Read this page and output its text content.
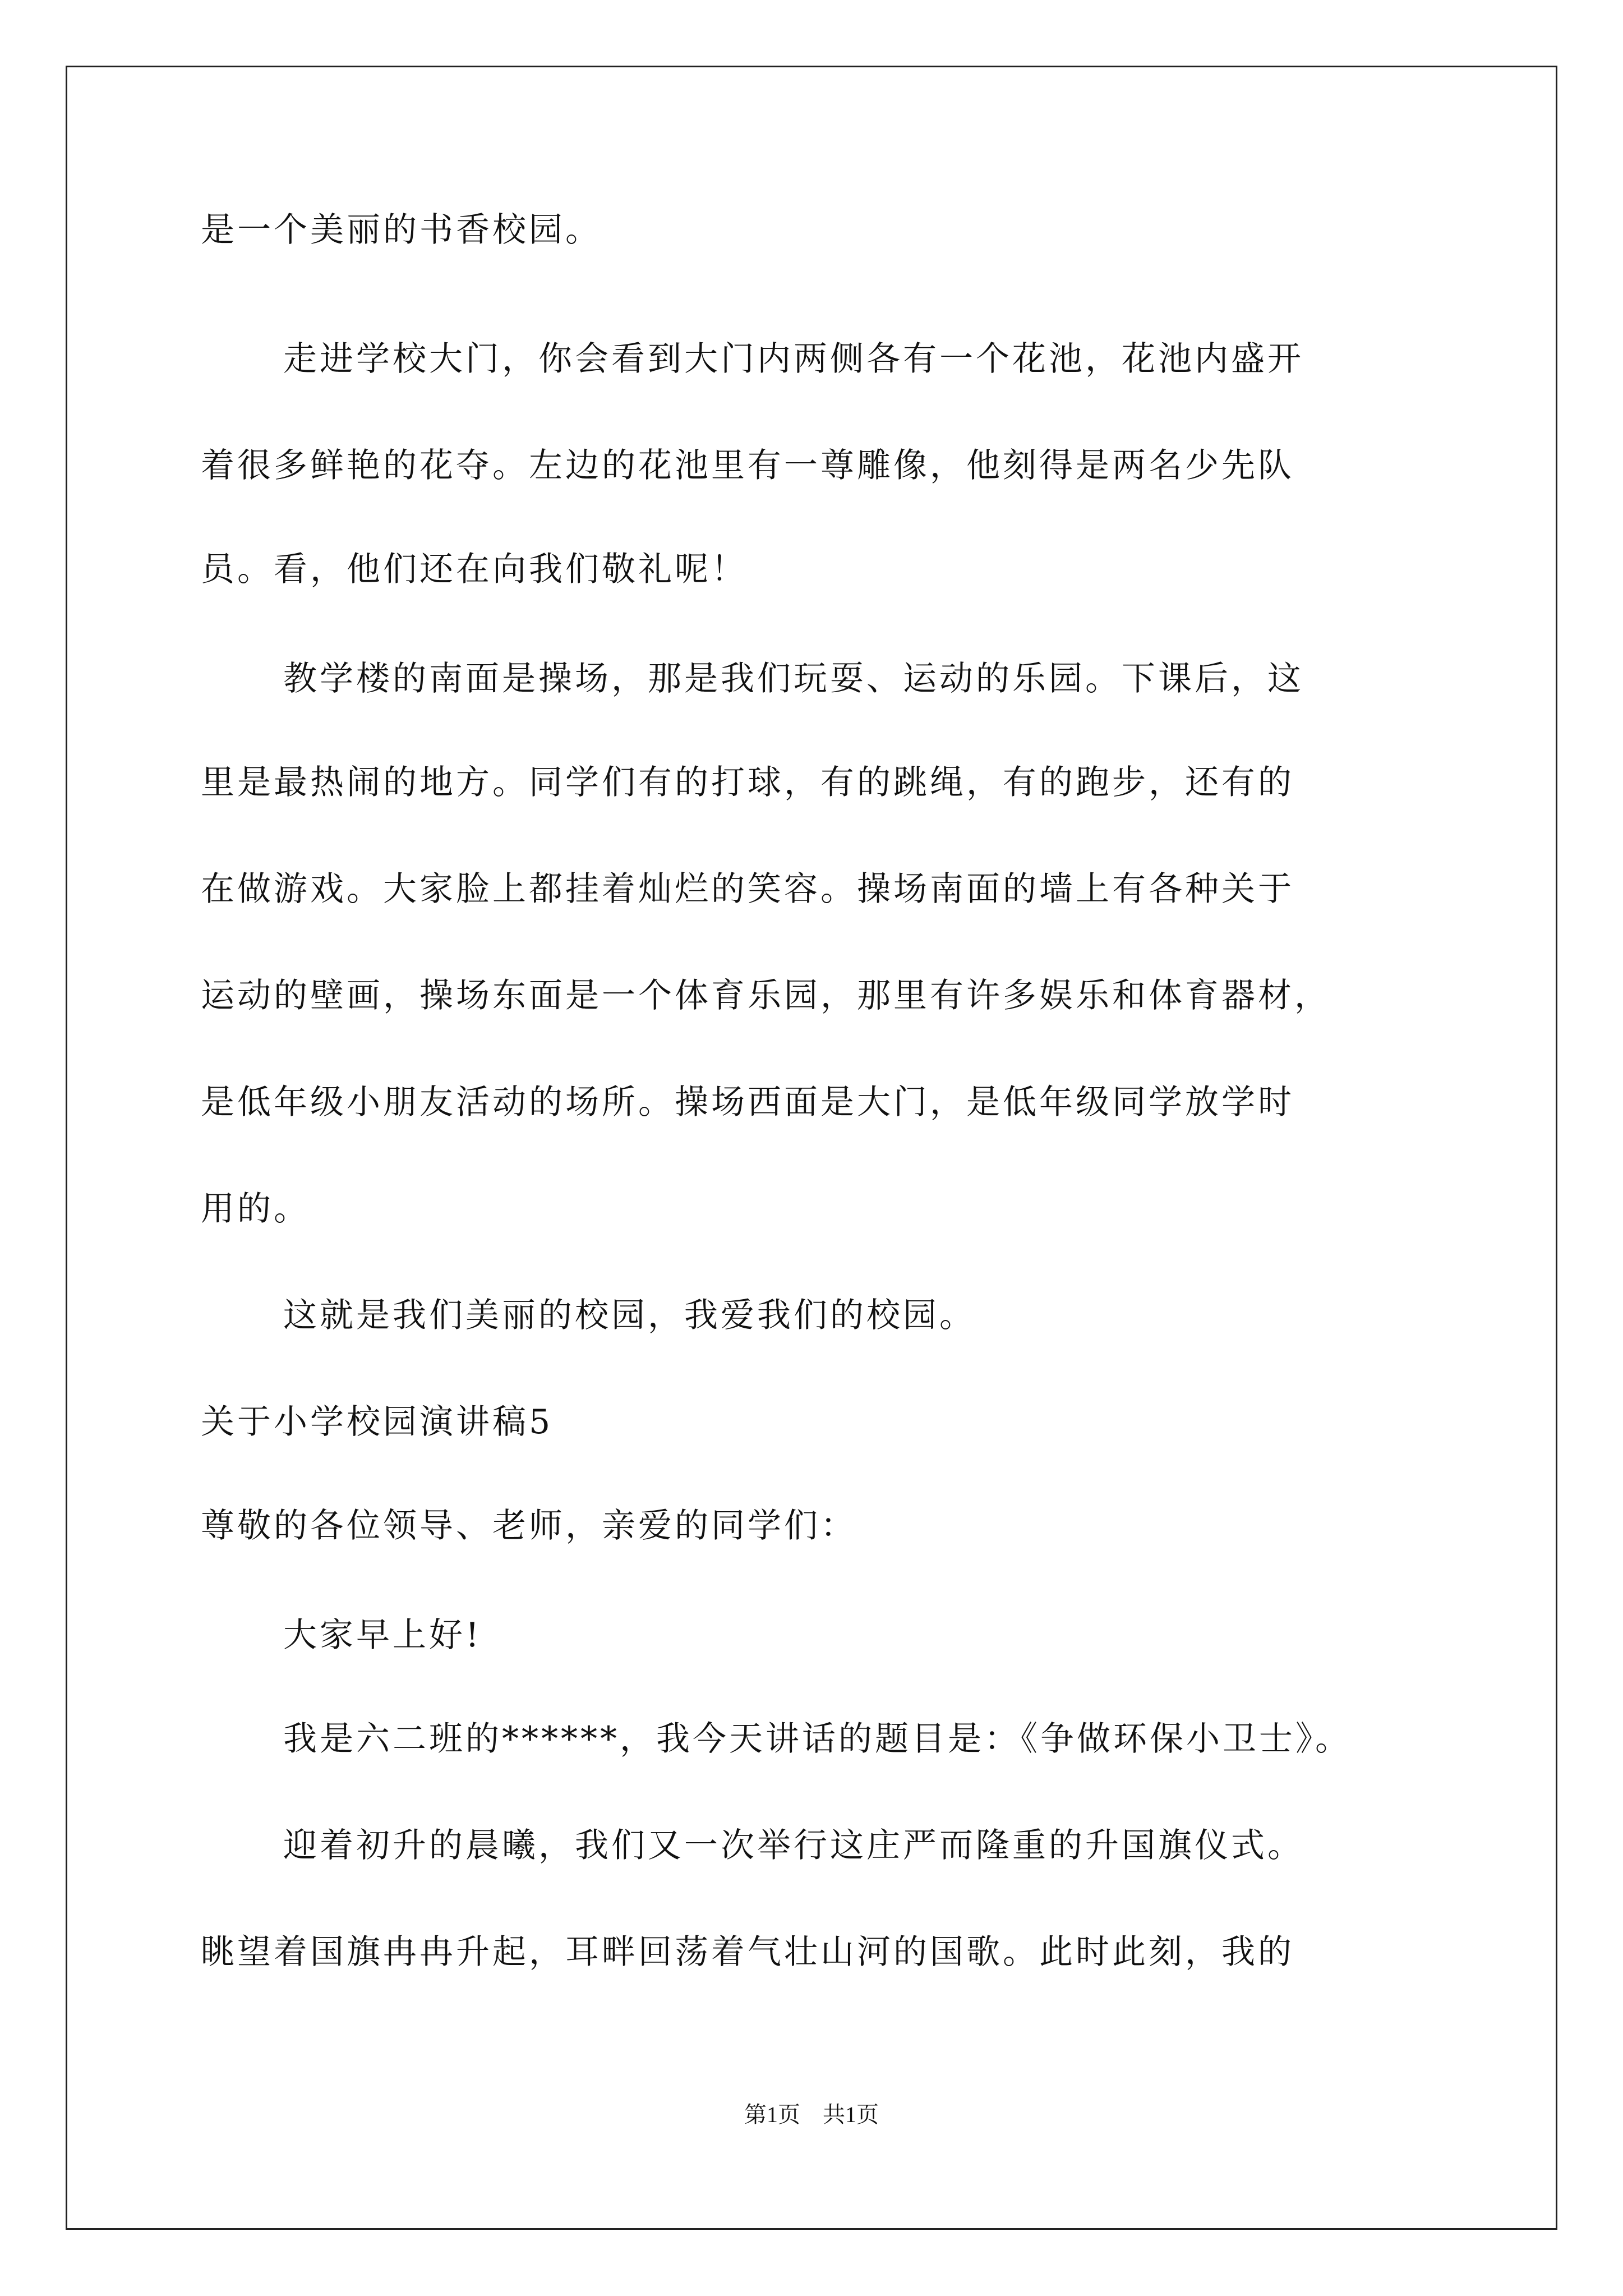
是一个美丽的书香校园。
走进学校大门，你会看到大门内两侧各有一个花池，花池内盛开
着很多鲜艳的花夺。左边的花池里有一尊雕像，他刻得是两名少先队
员。看，他们还在向我们敬礼呢！
教学楼的南面是操场，那是我们玩耍、运动的乐园。下课后，这
里是最热闹的地方。同学们有的打球，有的跳绳，有的跑步，还有的
在做游戏。大家脸上都挂着灿烂的笑容。操场南面的墙上有各种关于
运动的壁画，操场东面是一个体育乐园，那里有许多娱乐和体育器材，
是低年级小朋友活动的场所。操场西面是大门，是低年级同学放学时
用的。
这就是我们美丽的校园，我爱我们的校园。
关于小学校园演讲稿5
尊敬的各位领导、老师，亲爱的同学们：
大家早上好!
我是六二班的******，我今天讲话的题目是：《争做环保小卫士》。
迎着初升的晨曦，我们又一次举行这庄严而隆重的升国旗仪式。
眺望着国旗冉冉升起，耳畔回荡着气壮山河的国歌。此时此刻，我的
第1页　共1页
